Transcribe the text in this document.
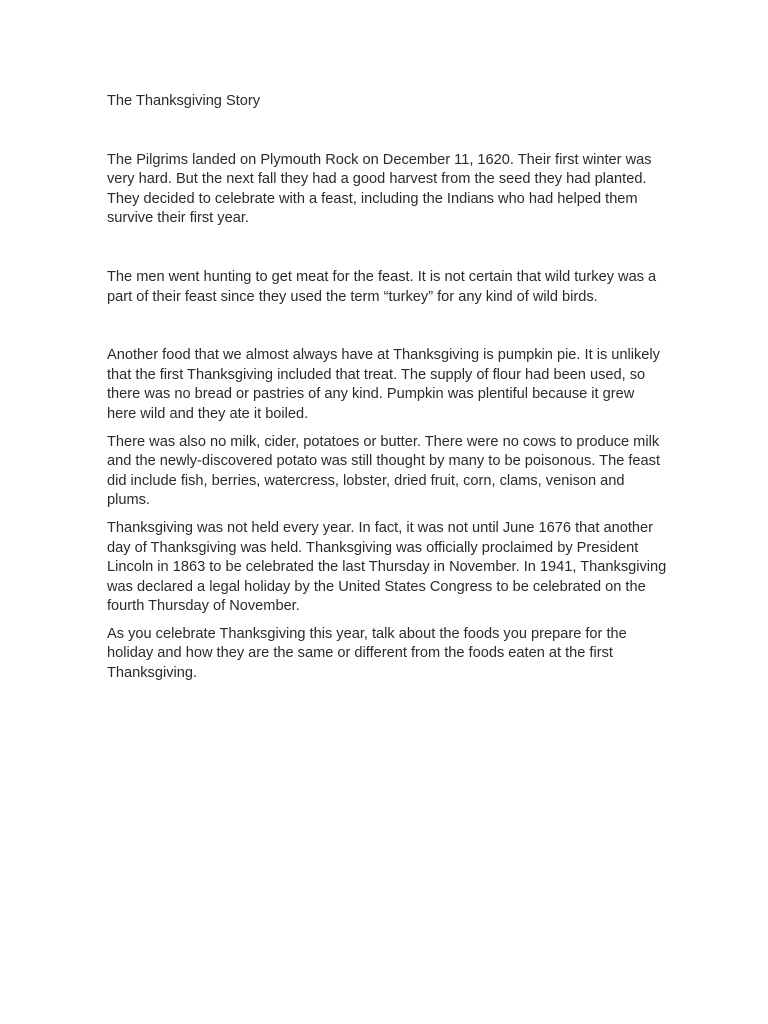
The Thanksgiving Story

The Pilgrims landed on Plymouth Rock on December 11, 1620. Their first winter was very hard. But the next fall they had a good harvest from the seed they had planted. They decided to celebrate with a feast, including the Indians who had helped them survive their first year.

The men went hunting to get meat for the feast. It is not certain that wild turkey was a part of their feast since they used the term “turkey” for any kind of wild birds.

Another food that we almost always have at Thanksgiving is pumpkin pie. It is unlikely that the first Thanksgiving included that treat. The supply of flour had been used, so there was no bread or pastries of any kind. Pumpkin was plentiful because it grew here wild and they ate it boiled.

There was also no milk, cider, potatoes or butter. There were no cows to produce milk and the newly-discovered potato was still thought by many to be poisonous. The feast did include fish, berries, watercress, lobster, dried fruit, corn, clams, venison and plums.

Thanksgiving was not held every year. In fact, it was not until June 1676 that another day of Thanksgiving was held. Thanksgiving was officially proclaimed by President Lincoln in 1863 to be celebrated the last Thursday in November. In 1941, Thanksgiving was declared a legal holiday by the United States Congress to be celebrated on the fourth Thursday of November.

As you celebrate Thanksgiving this year, talk about the foods you prepare for the holiday and how they are the same or different from the foods eaten at the first Thanksgiving.
